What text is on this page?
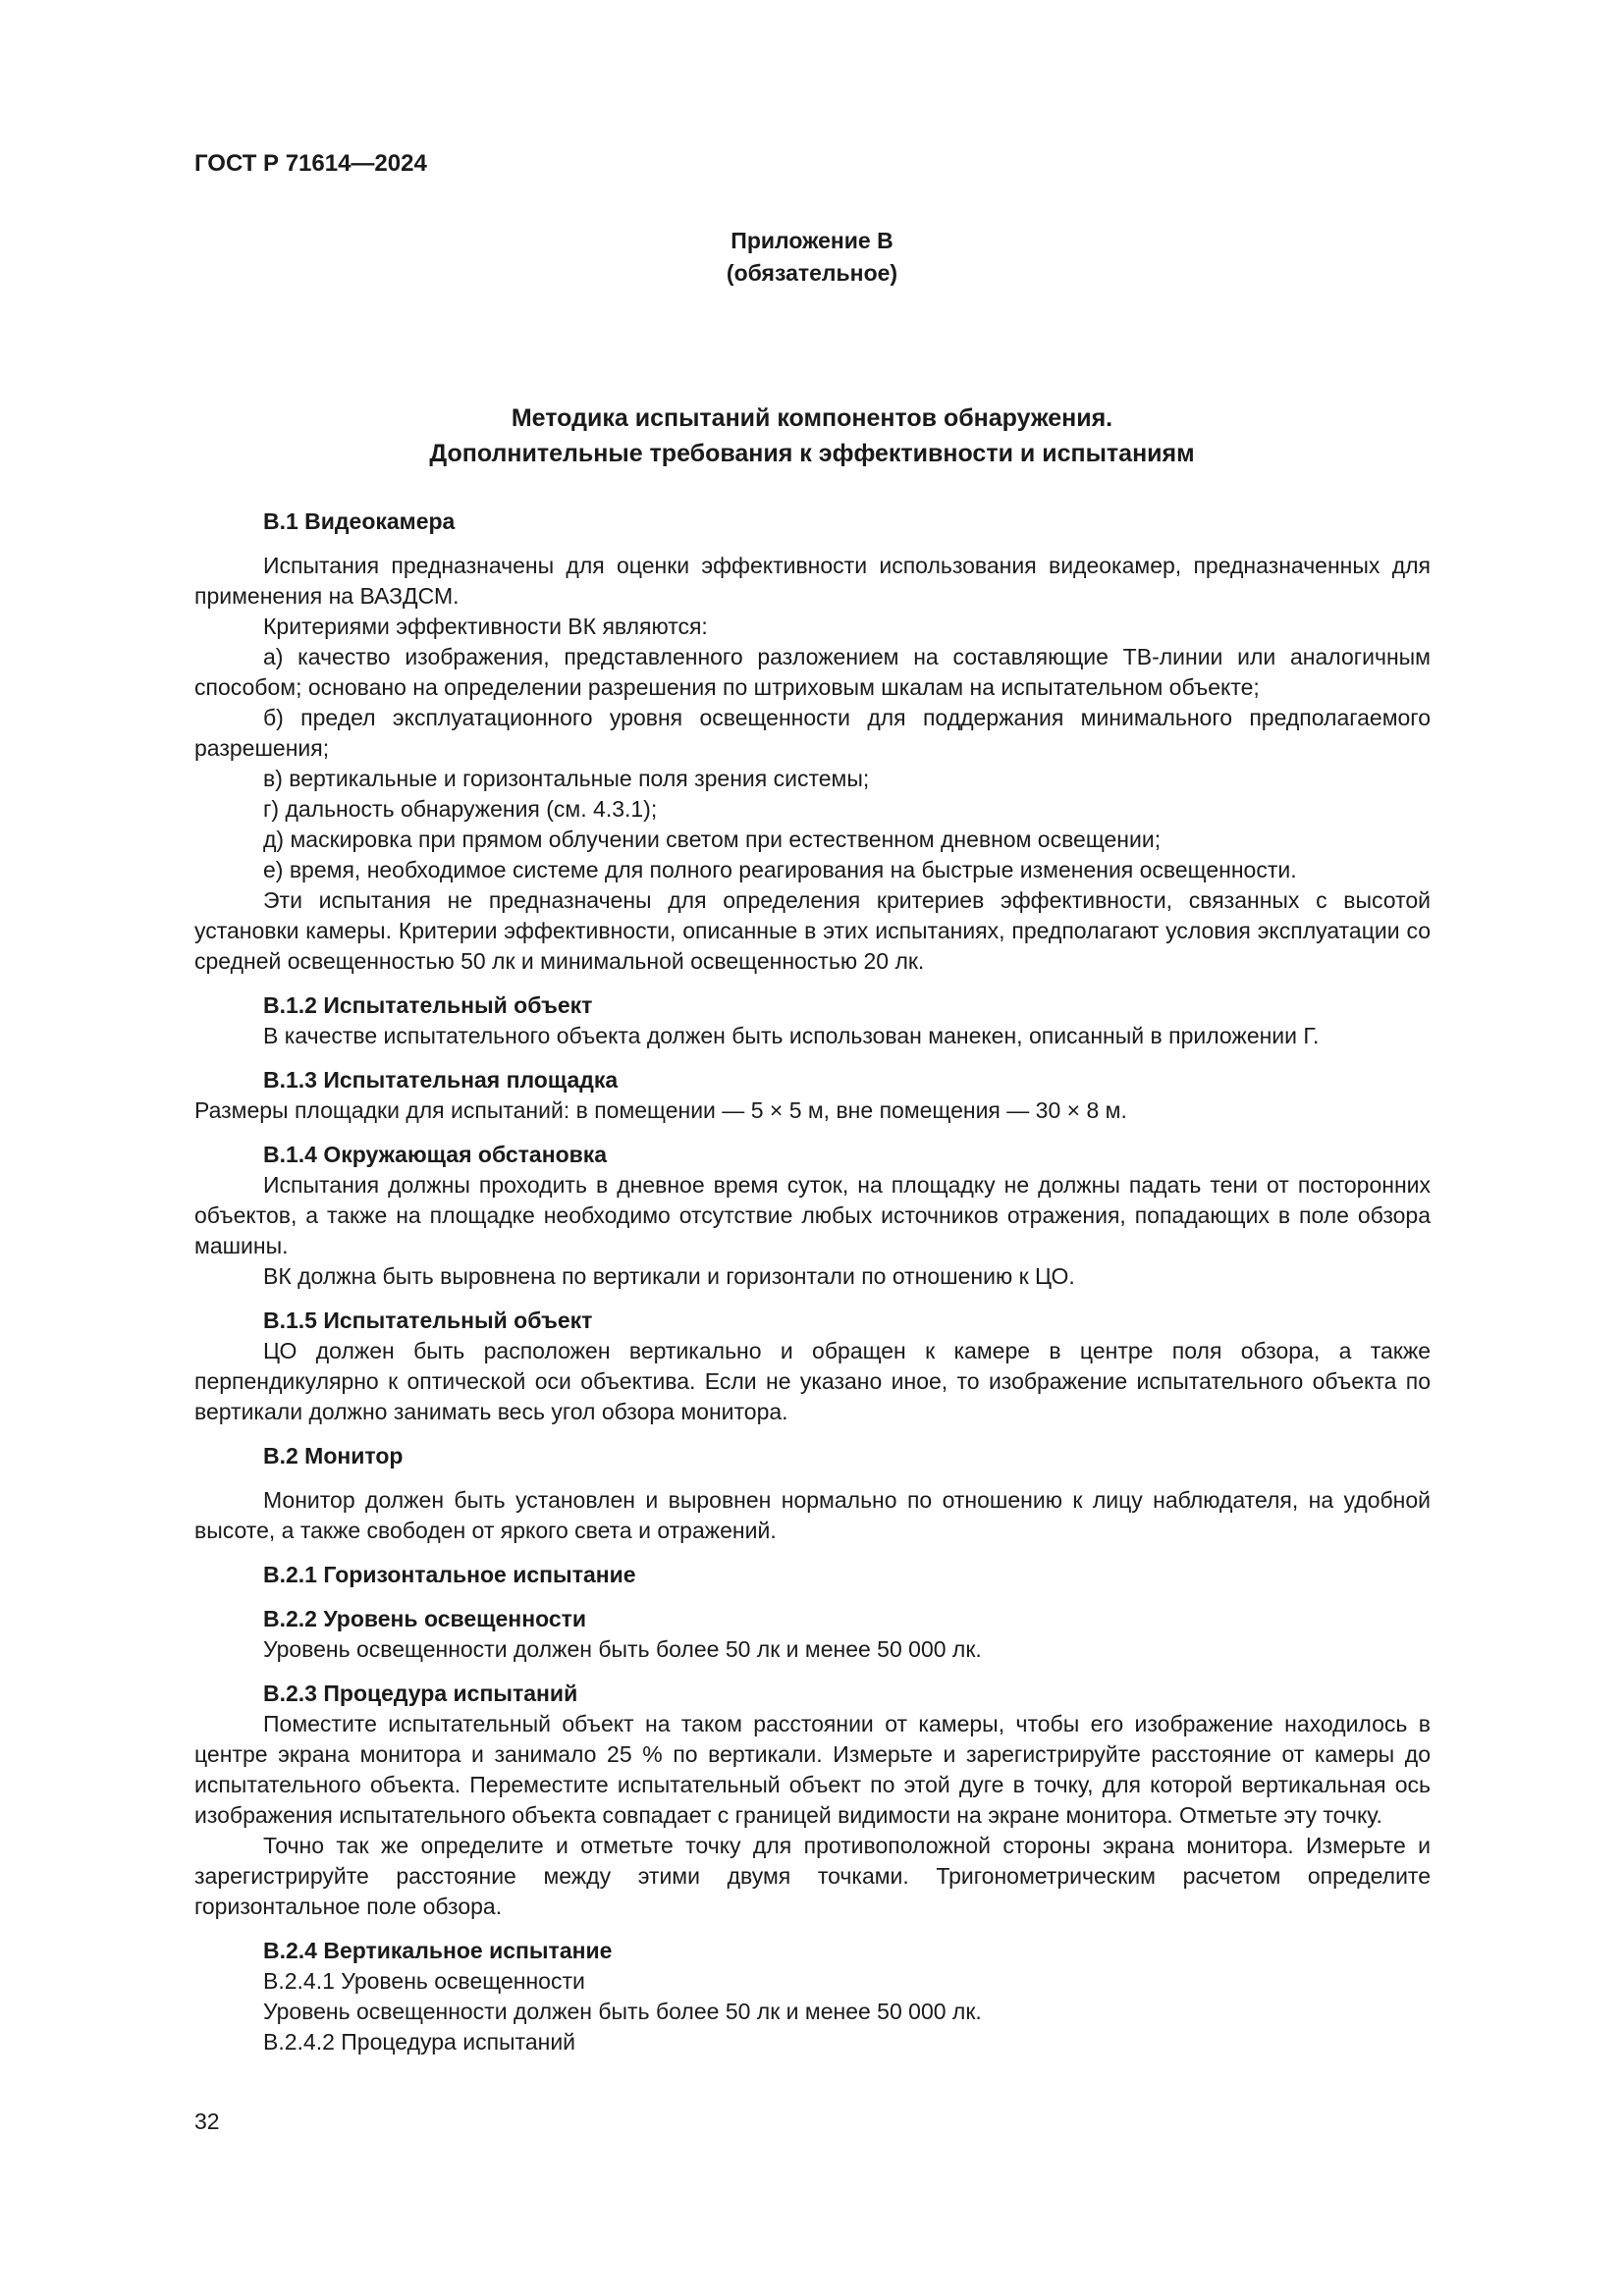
ГОСТ Р 71614—2024
Приложение В
(обязательное)
Методика испытаний компонентов обнаружения.
Дополнительные требования к эффективности и испытаниям
В.1 Видеокамера

Испытания предназначены для оценки эффективности использования видеокамер, предназначенных для применения на ВАЗДСМ.

Критериями эффективности ВК являются:

а) качество изображения, представленного разложением на составляющие ТВ-линии или аналогичным способом; основано на определении разрешения по штриховым шкалам на испытательном объекте;

б) предел эксплуатационного уровня освещенности для поддержания минимального предполагаемого разрешения;

в) вертикальные и горизонтальные поля зрения системы;

г) дальность обнаружения (см. 4.3.1);

д) маскировка при прямом облучении светом при естественном дневном освещении;

е) время, необходимое системе для полного реагирования на быстрые изменения освещенности.

Эти испытания не предназначены для определения критериев эффективности, связанных с высотой установки камеры. Критерии эффективности, описанные в этих испытаниях, предполагают условия эксплуатации со средней освещенностью 50 лк и минимальной освещенностью 20 лк.

В.1.2 Испытательный объект

В качестве испытательного объекта должен быть использован манекен, описанный в приложении Г.

В.1.3 Испытательная площадка

Размеры площадки для испытаний: в помещении — 5 × 5 м, вне помещения — 30 × 8 м.

В.1.4 Окружающая обстановка

Испытания должны проходить в дневное время суток, на площадку не должны падать тени от посторонних объектов, а также на площадке необходимо отсутствие любых источников отражения, попадающих в поле обзора машины.

ВК должна быть выровнена по вертикали и горизонтали по отношению к ЦО.

В.1.5 Испытательный объект

ЦО должен быть расположен вертикально и обращен к камере в центре поля обзора, а также перпендикулярно к оптической оси объектива. Если не указано иное, то изображение испытательного объекта по вертикали должно занимать весь угол обзора монитора.

В.2 Монитор

Монитор должен быть установлен и выровнен нормально по отношению к лицу наблюдателя, на удобной высоте, а также свободен от яркого света и отражений.

В.2.1 Горизонтальное испытание
В.2.2 Уровень освещенности

Уровень освещенности должен быть более 50 лк и менее 50 000 лк.

В.2.3 Процедура испытаний

Поместите испытательный объект на таком расстоянии от камеры, чтобы его изображение находилось в центре экрана монитора и занимало 25 % по вертикали. Измерьте и зарегистрируйте расстояние от камеры до испытательного объекта. Переместите испытательный объект по этой дуге в точку, для которой вертикальная ось изображения испытательного объекта совпадает с границей видимости на экране монитора. Отметьте эту точку.

Точно так же определите и отметьте точку для противоположной стороны экрана монитора. Измерьте и зарегистрируйте расстояние между этими двумя точками. Тригонометрическим расчетом определите горизонтальное поле обзора.

В.2.4 Вертикальное испытание

В.2.4.1 Уровень освещенности

Уровень освещенности должен быть более 50 лк и менее 50 000 лк.

В.2.4.2 Процедура испытаний

32
